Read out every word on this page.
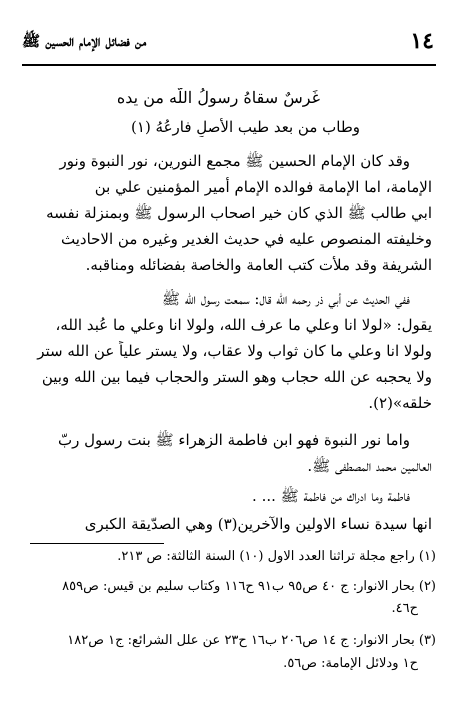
١٤
من فضائل الإمام الحسين ﷺ
غَرسٌ سقاهُ رسولُ اللّه من يده
وطاب من بعد طيب الأصلِ فارعُهُ (١)
وقد كان الإمام الحسين ﷺ مجمع النورين، نور النبوة ونور
الإمامة، اما الإمامة فوالده الإمام أمير المؤمنين علي بن
ابي طالب ﷺ الذي كان خير اصحاب الرسول ﷺ وبمنزلة نفسه
وخليفته المنصوص عليه في حديث الغدير وغيره من الاحاديث
الشريفة وقد ملأت كتب العامة والخاصة بفضائله ومناقبه.
ففي الحديث عن أبي ذر رحمه الله قال: سمعت رسول الله ﷺ
يقول: «لولا انا وعلي ما عرف الله، ولولا انا وعلي ما عُبد الله،
ولولا انا وعلي ما كان ثواب ولا عقاب، ولا يستر علياً عن الله ستر
ولا يحجبه عن الله حجاب وهو الستر والحجاب فيما بين الله وبين
خلقه»(٢).
واما نور النبوة فهو ابن فاطمة الزهراء ﷺ بنت رسول ربّ
العالمين محمد المصطفى ﷺ.
فاطمة وما ادراك من فاطمة ﷺ ... .
انها سيدة نساء الاولين والآخرين(٣) وهي الصدّيقة الكبرى
(١) راجع مجلة تراثنا العدد الاول (١٠) السنة الثالثة: ص ٢١٣.
(٢) بحار الانوار: ج ٤٠ ص٩٥ ب٩١ ح١١٦ وكتاب سليم بن قيس: ص٨٥٩
ح٤٦.
(٣) بحار الانوار: ج ١٤ ص٢٠٦ ب١٦ ح٢٣ عن علل الشرائع: ج١ ص١٨٢
ح١ ودلائل الإمامة: ص٥٦.
